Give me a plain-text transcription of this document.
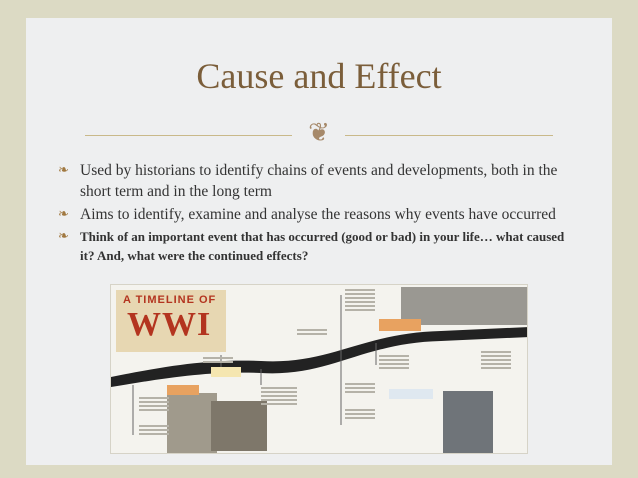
Cause and Effect
❦
❧ Used by historians to identify chains of events and developments, both in the short term and in the long term
❧ Aims to identify, examine and analyse the reasons why events have occurred
❧ Think of an important event that has occurred (good or bad) in your life… what caused it? And, what were the continued effects?
A TIMELINE OF
WWI
